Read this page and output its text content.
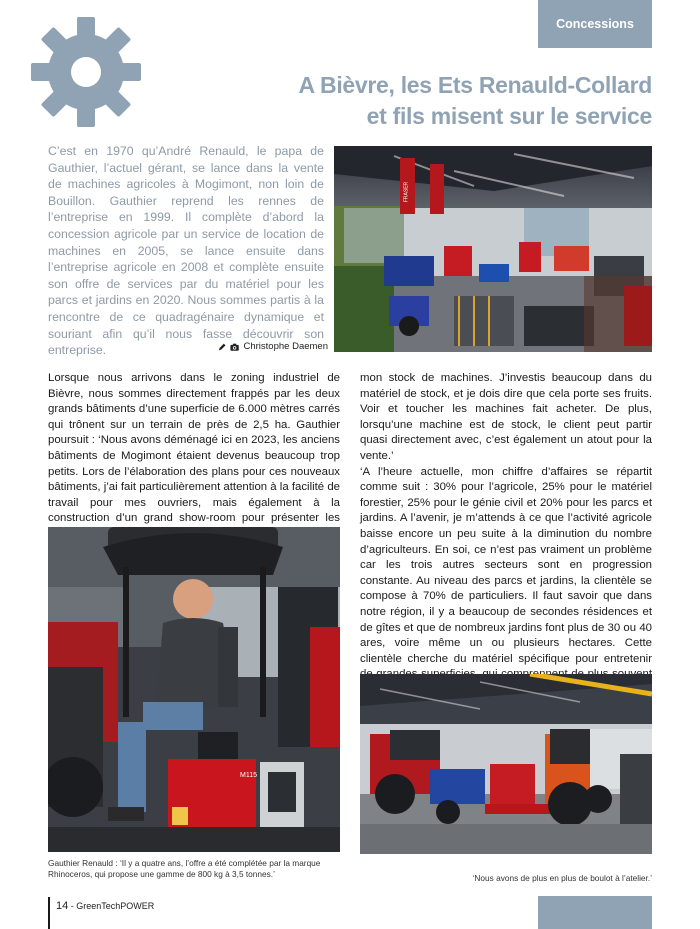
Concessions
A Bièvre, les Ets Renauld-Collard
et fils misent sur le service
C’est en 1970 qu’André Renauld, le papa de Gauthier, l’actuel gérant, se lance dans la vente de machines agricoles à Mogimont, non loin de Bouillon. Gauthier reprend les rennes de l’entreprise en 1999. Il complète d’abord la concession agricole par un service de location de machines en 2005, se lance ensuite dans l’entreprise agricole en 2008 et complète ensuite son offre de services par du matériel pour les parcs et jardins en 2020. Nous sommes partis à la rencontre de ce quadragénaire dynamique et souriant afin qu’il nous fasse découvrir son entreprise.	Christophe Daemen
FRASER

Lorsque nous arrivons dans le zoning industriel de Bièvre, nous sommes directement frappés par les deux grands bâtiments d’une superficie de 6.000 mètres carrés qui trônent sur un terrain de près de 2,5 ha. Gauthier poursuit : ‘Nous avons déménagé ici en 2023, les anciens bâtiments de Mogimont étaient devenus beaucoup trop petits. Lors de l’élaboration des plans pour ces nouveaux bâtiments, j’ai fait particulièrement attention à la facilité de travail pour mes ouvriers, mais également à la construction d’un grand show-room pour présenter les

M115
Gauthier Renauld : ‘Il y a quatre ans, l’offre a été complétée par la marque Rhinoceros, qui propose une gamme de 800 kg à 3,5 tonnes.’

mon stock de machines. J’investis beaucoup dans du matériel de stock, et je dois dire que cela porte ses fruits. Voir et toucher les machines fait acheter. De plus, lorsqu’une machine est de stock, le client peut partir quasi directement avec, c’est également un atout pour la vente.’

‘A l’heure actuelle, mon chiffre d’affaires se répartit comme suit : 30% pour l’agricole, 25% pour le matériel forestier, 25% pour le génie civil et 20% pour les parcs et jardins. A l’avenir, je m’attends à ce que l’activité agricole baisse encore un peu suite à la diminution du nombre d’agriculteurs. En soi, ce n’est pas vraiment un problème car les trois autres secteurs sont en progression constante. Au niveau des parcs et jardins, la clientèle se compose à 70% de particuliers. Il faut savoir que dans notre région, il y a beaucoup de secondes résidences et de gîtes et que de nombreux jardins font plus de 30 ou 40 ares, voire même un ou plusieurs hectares. Cette clientèle cherche du matériel spécifique pour entretenir

‘Nous avons de plus en plus de boulot à l’atelier.’
14 - GreenTechPOWER
